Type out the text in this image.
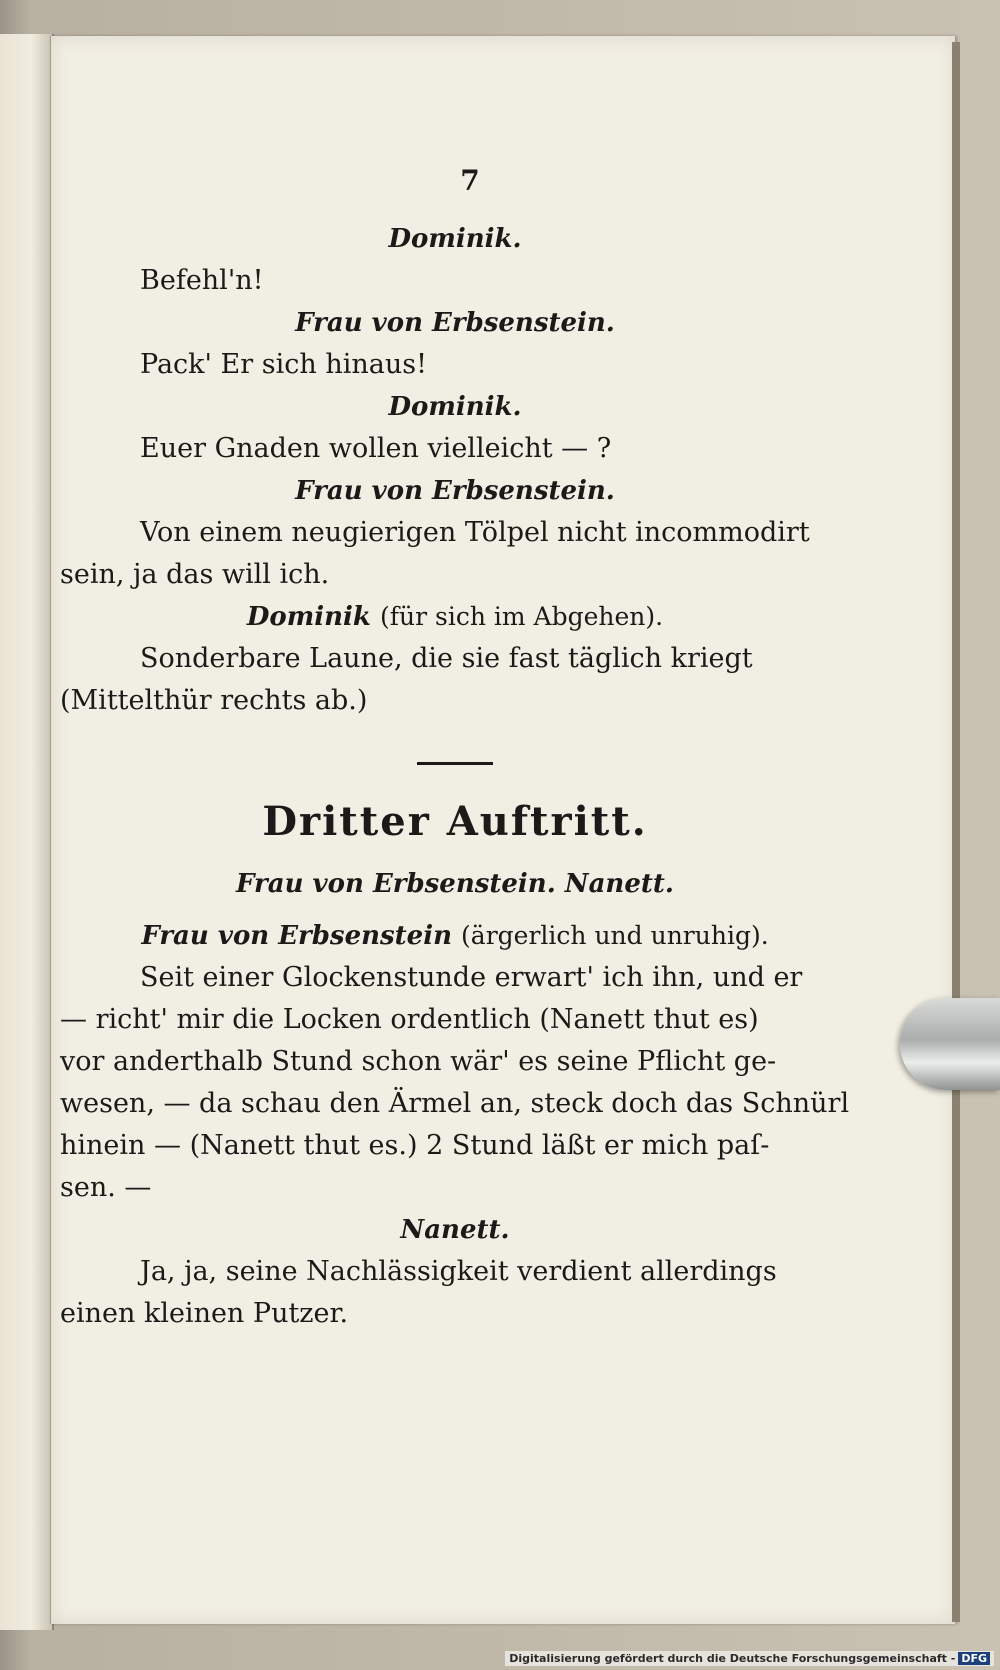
7

Dominik.

Befehl'n!

Frau von Erbsenstein.

Pack' Er sich hinaus!

Dominik.

Euer Gnaden wollen vielleicht — ?

Frau von Erbsenstein.

Von einem neugierigen Tölpel nicht incommodirt

sein, ja das will ich.

Dominik (für sich im Abgehen).

Sonderbare Laune, die sie fast täglich kriegt

(Mittelthür rechts ab.)

Dritter Auftritt.
Frau von Erbsenstein. Nanett.

Frau von Erbsenstein (ärgerlich und unruhig).

Seit einer Glockenstunde erwart' ich ihn, und er

— richt' mir die Locken ordentlich (Nanett thut es)

vor anderthalb Stund schon wär' es seine Pflicht ge-

wesen, — da schau den Ärmel an, steck doch das Schnürl

hinein — (Nanett thut es.) 2 Stund läßt er mich paſ-

sen. —

Nanett.

Ja, ja, seine Nachlässigkeit verdient allerdings

einen kleinen Putzer.

Digitalisierung gefördert durch die Deutsche Forschungsgemeinschaft - DFG
